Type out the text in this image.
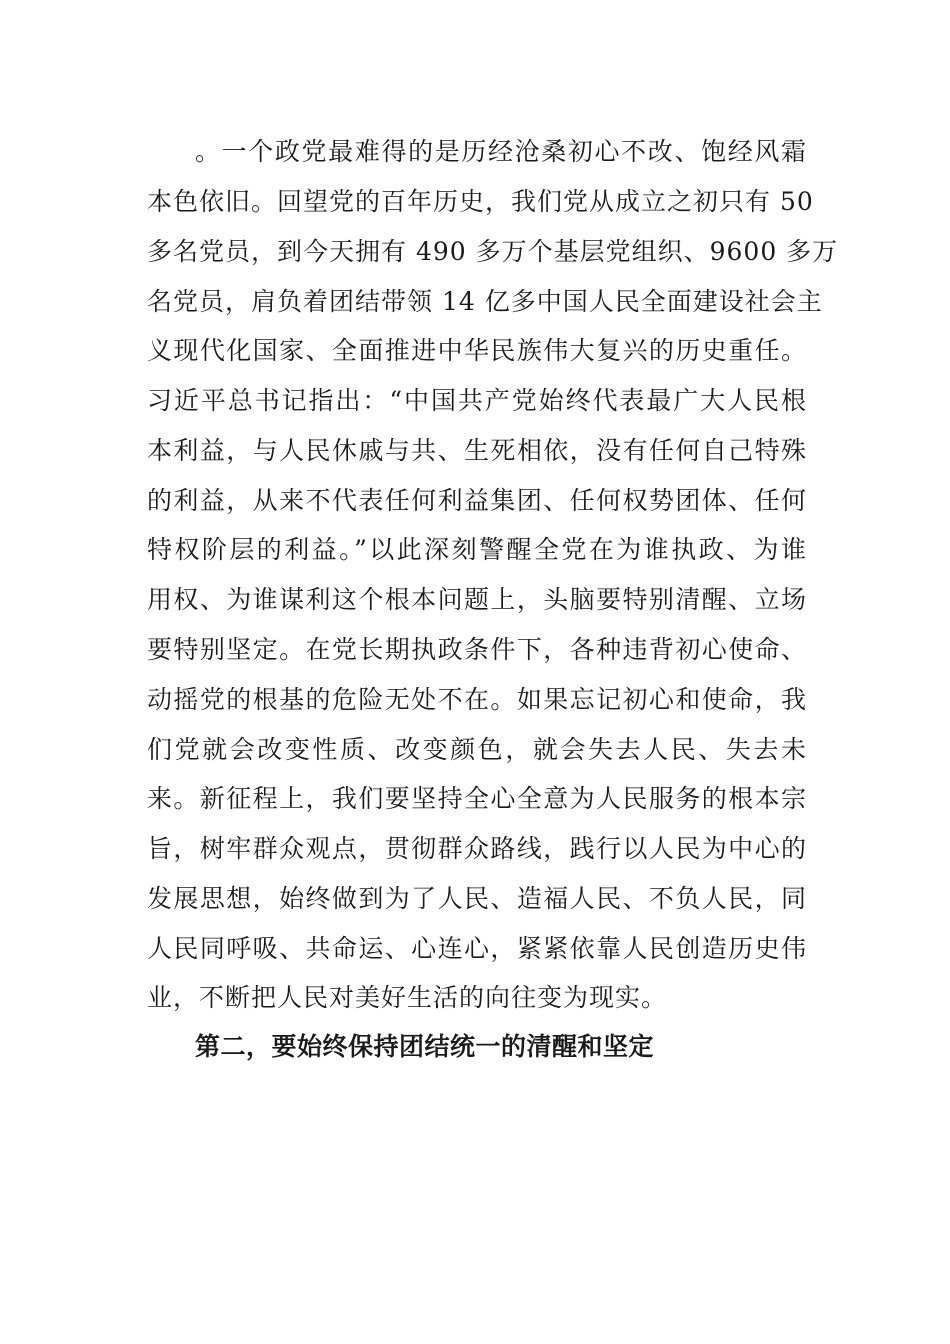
。一个政党最难得的是历经沧桑初心不改、饱经风霜
本色依旧。回望党的百年历史，我们党从成立之初只有 50
多名党员，到今天拥有 490 多万个基层党组织、9600 多万
名党员，肩负着团结带领 14 亿多中国人民全面建设社会主
义现代化国家、全面推进中华民族伟大复兴的历史重任。
习近平总书记指出：“中国共产党始终代表最广大人民根
本利益，与人民休戚与共、生死相依，没有任何自己特殊
的利益，从来不代表任何利益集团、任何权势团体、任何
特权阶层的利益。”以此深刻警醒全党在为谁执政、为谁
用权、为谁谋利这个根本问题上，头脑要特别清醒、立场
要特别坚定。在党长期执政条件下，各种违背初心使命、
动摇党的根基的危险无处不在。如果忘记初心和使命，我
们党就会改变性质、改变颜色，就会失去人民、失去未
来。新征程上，我们要坚持全心全意为人民服务的根本宗
旨，树牢群众观点，贯彻群众路线，践行以人民为中心的
发展思想，始终做到为了人民、造福人民、不负人民，同
人民同呼吸、共命运、心连心，紧紧依靠人民创造历史伟
业，不断把人民对美好生活的向往变为现实。
第二，要始终保持团结统一的清醒和坚定
